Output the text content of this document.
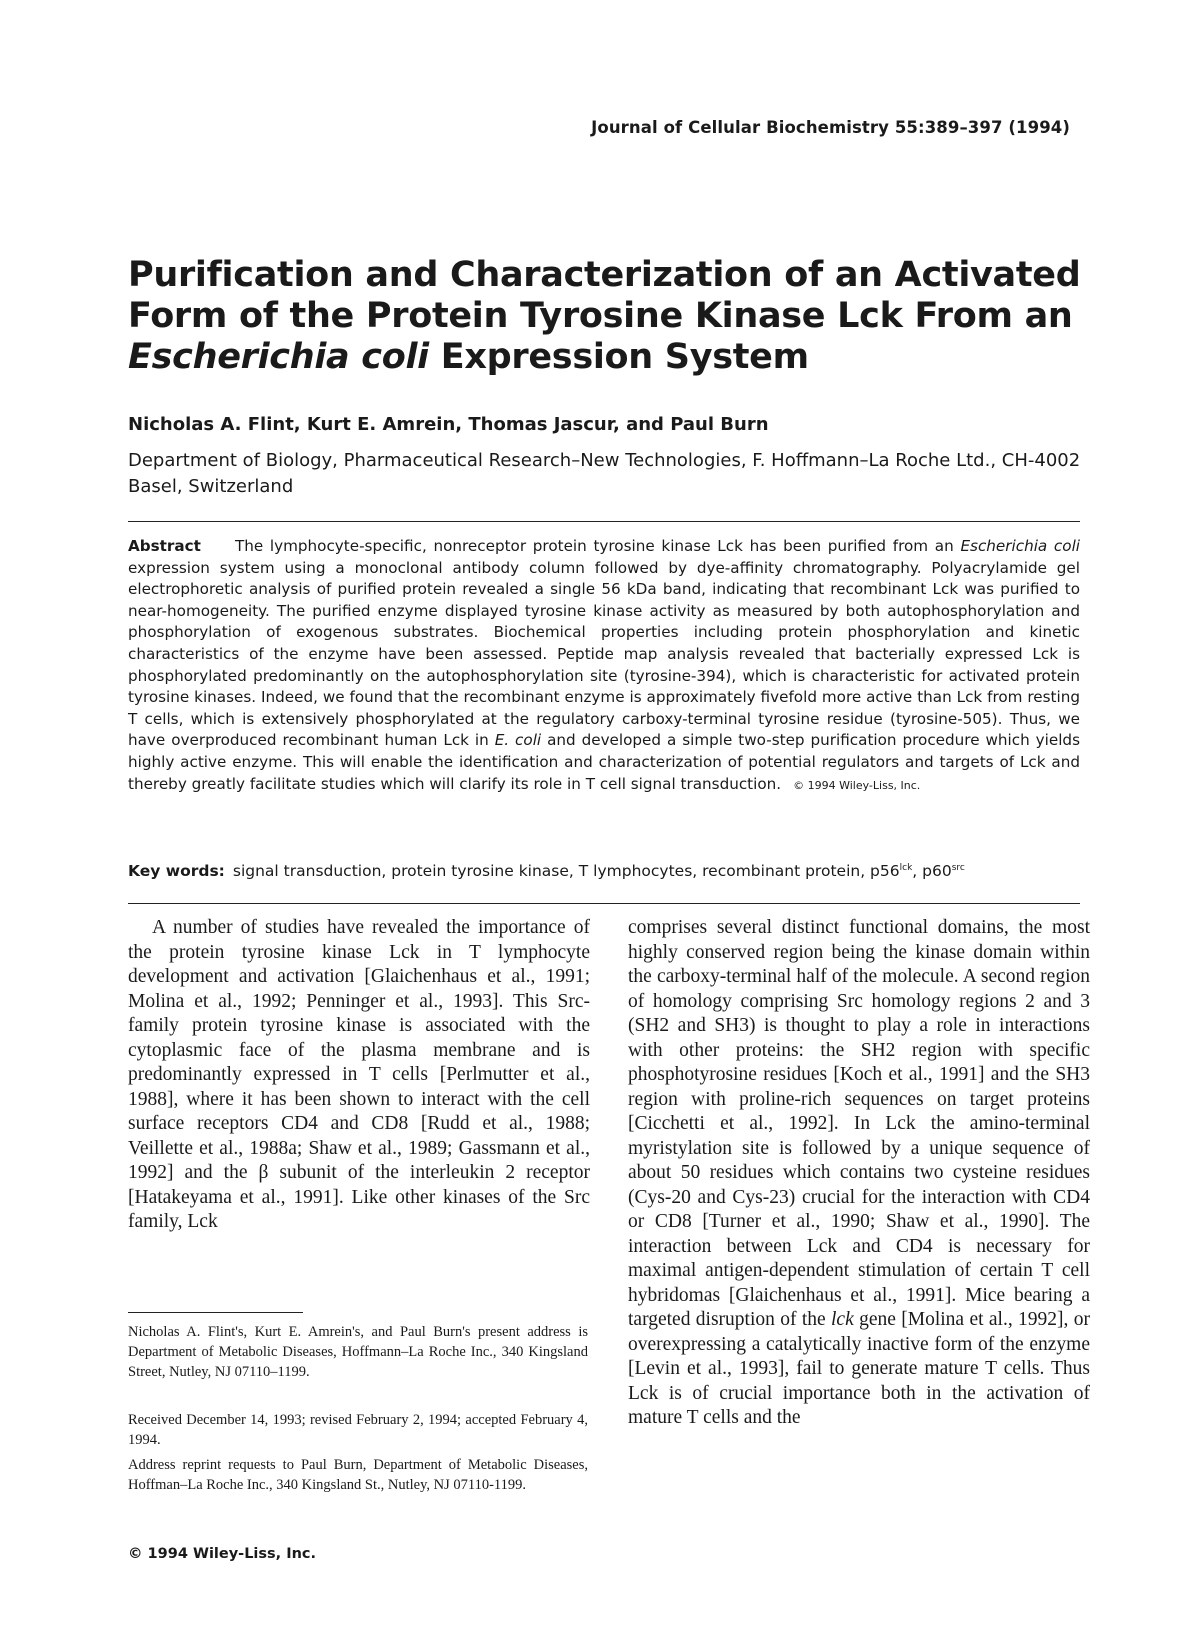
Journal of Cellular Biochemistry 55:389–397 (1994)
Purification and Characterization of an Activated Form of the Protein Tyrosine Kinase Lck From an Escherichia coli Expression System
Nicholas A. Flint, Kurt E. Amrein, Thomas Jascur, and Paul Burn
Department of Biology, Pharmaceutical Research–New Technologies, F. Hoffmann–La Roche Ltd., CH-4002 Basel, Switzerland

Abstract The lymphocyte-specific, nonreceptor protein tyrosine kinase Lck has been purified from an Escherichia coli expression system using a monoclonal antibody column followed by dye-affinity chromatography. Polyacrylamide gel electrophoretic analysis of purified protein revealed a single 56 kDa band, indicating that recombinant Lck was purified to near-homogeneity. The purified enzyme displayed tyrosine kinase activity as measured by both autophosphorylation and phosphorylation of exogenous substrates. Biochemical properties including protein phosphorylation and kinetic characteristics of the enzyme have been assessed. Peptide map analysis revealed that bacterially expressed Lck is phosphorylated predominantly on the autophosphorylation site (tyrosine-394), which is characteristic for activated protein tyrosine kinases. Indeed, we found that the recombinant enzyme is approximately fivefold more active than Lck from resting T cells, which is extensively phosphorylated at the regulatory carboxy-terminal tyrosine residue (tyrosine-505). Thus, we have overproduced recombinant human Lck in E. coli and developed a simple two-step purification procedure which yields highly active enzyme. This will enable the identification and characterization of potential regulators and targets of Lck and thereby greatly facilitate studies which will clarify its role in T cell signal transduction. © 1994 Wiley-Liss, Inc.

Key words: signal transduction, protein tyrosine kinase, T lymphocytes, recombinant protein, $p56^{lck}$, $p60^{src}$

A number of studies have revealed the importance of the protein tyrosine kinase Lck in T lymphocyte development and activation [Glaichenhaus et al., 1991; Molina et al., 1992; Penninger et al., 1993]. This Src-family protein tyrosine kinase is associated with the cytoplasmic face of the plasma membrane and is predominantly expressed in T cells [Perlmutter et al., 1988], where it has been shown to interact with the cell surface receptors CD4 and CD8 [Rudd et al., 1988; Veillette et al., 1988a; Shaw et al., 1989; Gassmann et al., 1992] and the β subunit of the interleukin 2 receptor [Hatakeyama et al., 1991]. Like other kinases of the Src family, Lck

comprises several distinct functional domains, the most highly conserved region being the kinase domain within the carboxy-terminal half of the molecule. A second region of homology comprising Src homology regions 2 and 3 (SH2 and SH3) is thought to play a role in interactions with other proteins: the SH2 region with specific phosphotyrosine residues [Koch et al., 1991] and the SH3 region with proline-rich sequences on target proteins [Cicchetti et al., 1992]. In Lck the amino-terminal myristylation site is followed by a unique sequence of about 50 residues which contains two cysteine residues (Cys-20 and Cys-23) crucial for the interaction with CD4 or CD8 [Turner et al., 1990; Shaw et al., 1990]. The interaction between Lck and CD4 is necessary for maximal antigen-dependent stimulation of certain T cell hybridomas [Glaichenhaus et al., 1991]. Mice bearing a targeted disruption of the lck gene [Molina et al., 1992], or overexpressing a catalytically inactive form of the enzyme [Levin et al., 1993], fail to generate mature T cells. Thus Lck is of crucial importance both in the activation of mature T cells and the

Nicholas A. Flint's, Kurt E. Amrein's, and Paul Burn's present address is Department of Metabolic Diseases, Hoffmann–La Roche Inc., 340 Kingsland Street, Nutley, NJ 07110–1199.

Received December 14, 1993; revised February 2, 1994; accepted February 4, 1994.

Address reprint requests to Paul Burn, Department of Metabolic Diseases, Hoffman–La Roche Inc., 340 Kingsland St., Nutley, NJ 07110-1199.

© 1994 Wiley-Liss, Inc.
